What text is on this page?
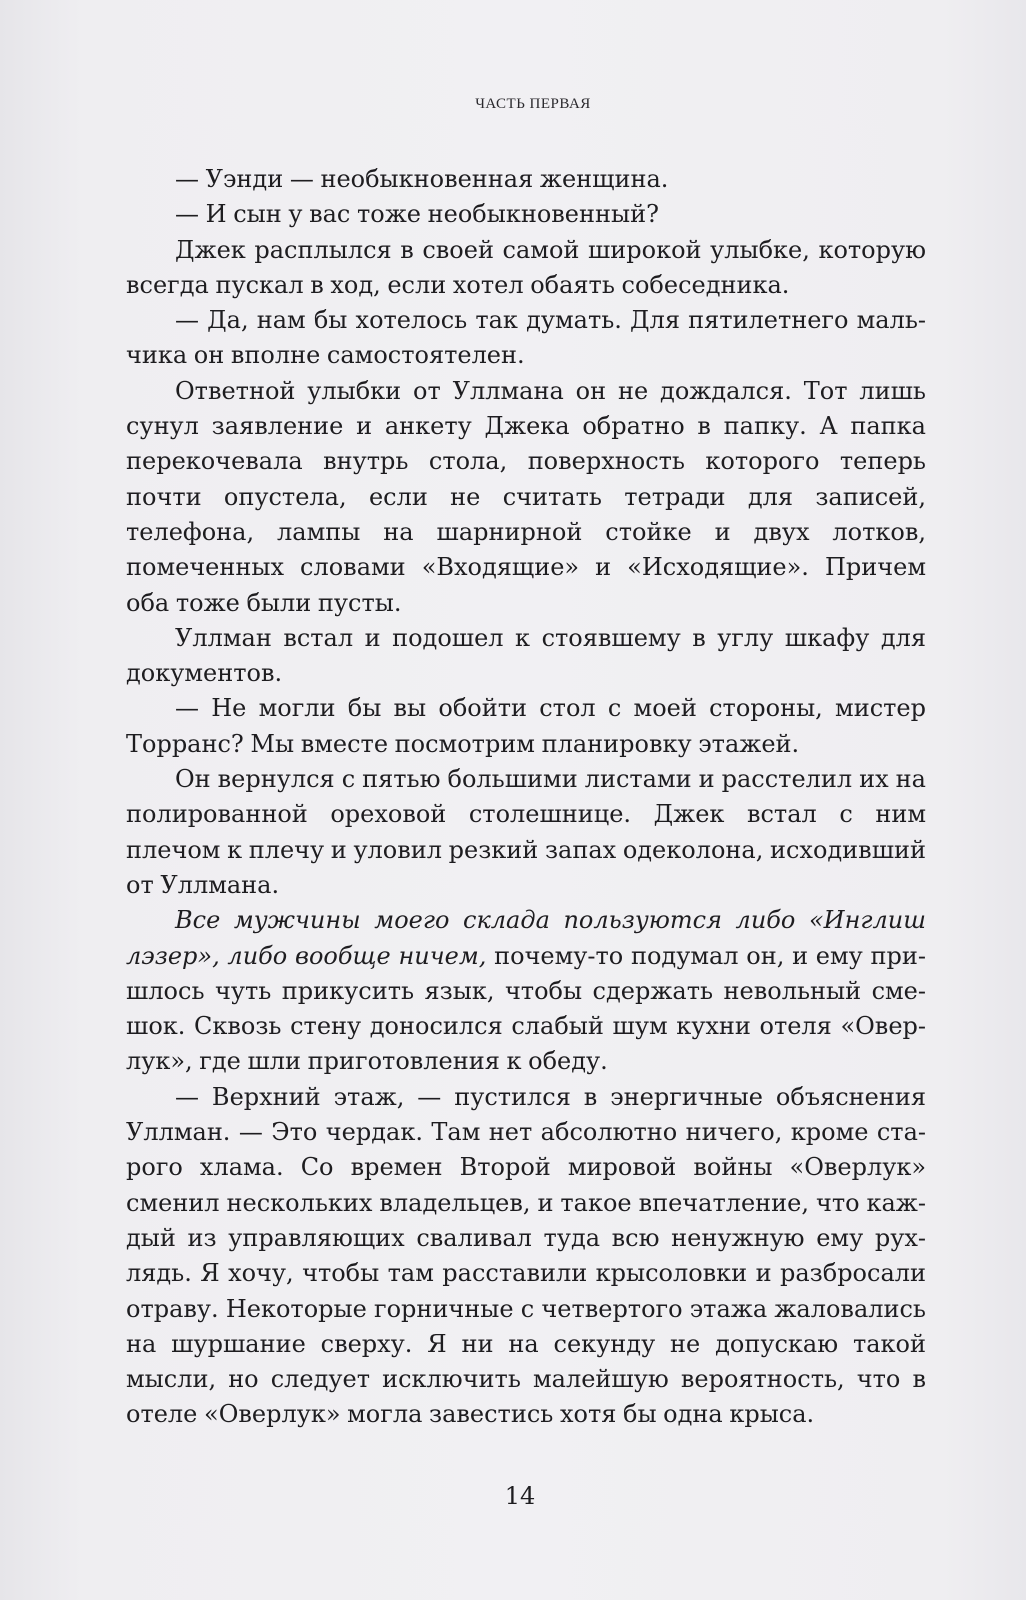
ЧАСТЬ ПЕРВАЯ

— Уэнди — необыкновенная женщина.

— И сын у вас тоже необыкновенный?

Джек расплылся в своей самой широкой улыбке, которую всегда пускал в ход, если хотел обаять собеседника.

— Да, нам бы хотелось так думать. Для пятилетнего мальчика он вполне самостоятелен.

Ответной улыбки от Уллмана он не дождался. Тот лишь сунул заявление и анкету Джека обратно в папку. А папка перекочевала внутрь стола, поверхность которого теперь почти опустела, если не считать тетради для записей, телефона, лампы на шарнирной стойке и двух лотков, помеченных словами «Входящие» и «Исходящие». Причем оба тоже были пусты.

Уллман встал и подошел к стоявшему в углу шкафу для документов.

— Не могли бы вы обойти стол с моей стороны, мистер Торранс? Мы вместе посмотрим планировку этажей.

Он вернулся с пятью большими листами и расстелил их на полированной ореховой столешнице. Джек встал с ним плечом к плечу и уловил резкий запах одеколона, исходивший от Уллмана.

Все мужчины моего склада пользуются либо «Инглиш лэзер», либо вообще ничем, почему-то подумал он, и ему пришлось чуть прикусить язык, чтобы сдержать невольный смешок. Сквозь стену доносился слабый шум кухни отеля «Оверлук», где шли приготовления к обеду.

— Верхний этаж, — пустился в энергичные объяснения Уллман. — Это чердак. Там нет абсолютно ничего, кроме старого хлама. Со времен Второй мировой войны «Оверлук» сменил нескольких владельцев, и такое впечатление, что каждый из управляющих сваливал туда всю ненужную ему рухлядь. Я хочу, чтобы там расставили крысоловки и разбросали отраву. Некоторые горничные с четвертого этажа жаловались на шуршание сверху. Я ни на секунду не допускаю такой мысли, но следует исключить малейшую вероятность, что в отеле «Оверлук» могла завестись хотя бы одна крыса.

14
